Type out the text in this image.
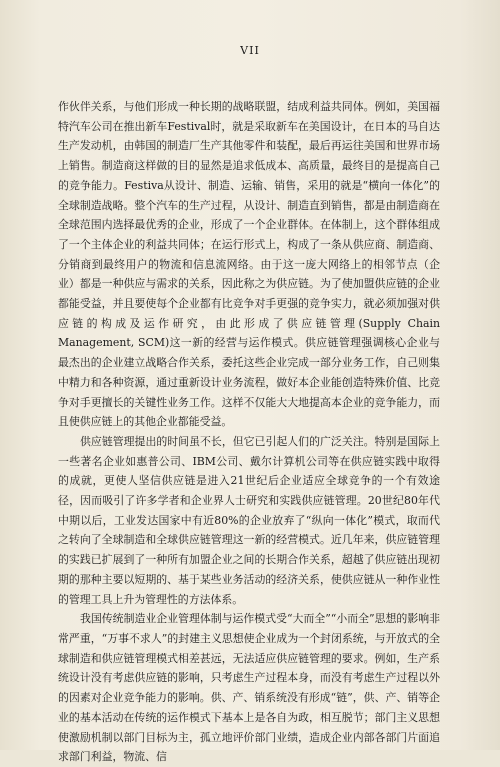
VII

作伙伴关系，与他们形成一种长期的战略联盟，结成利益共同体。例如，美国福特汽车公司在推出新车Festival时，就是采取新车在美国设计，在日本的马自达生产发动机，由韩国的制造厂生产其他零件和装配，最后再运往美国和世界市场上销售。制造商这样做的目的显然是追求低成本、高质量，最终目的是提高自己的竞争能力。Festiva从设计、制造、运输、销售，采用的就是“横向一体化”的全球制造战略。整个汽车的生产过程，从设计、制造直到销售，都是由制造商在全球范围内选择最优秀的企业，形成了一个企业群体。在体制上，这个群体组成了一个主体企业的利益共同体；在运行形式上，构成了一条从供应商、制造商、分销商到最终用户的物流和信息流网络。由于这一庞大网络上的相邻节点（企业）都是一种供应与需求的关系，因此称之为供应链。为了使加盟供应链的企业都能受益，并且要使每个企业都有比竞争对手更强的竞争实力，就必须加强对供应链的构成及运作研究，由此形成了供应链管理(Supply Chain Management, SCM)这一新的经营与运作模式。供应链管理强调核心企业与最杰出的企业建立战略合作关系，委托这些企业完成一部分业务工作，自己则集中精力和各种资源，通过重新设计业务流程，做好本企业能创造特殊价值、比竞争对手更擅长的关键性业务工作。这样不仅能大大地提高本企业的竞争能力，而且使供应链上的其他企业都能受益。

供应链管理提出的时间虽不长，但它已引起人们的广泛关注。特别是国际上一些著名企业如惠普公司、IBM公司、戴尔计算机公司等在供应链实践中取得的成就，更使人坚信供应链是进入21世纪后企业适应全球竞争的一个有效途径，因而吸引了许多学者和企业界人士研究和实践供应链管理。20世纪80年代中期以后，工业发达国家中有近80%的企业放弃了“纵向一体化”模式，取而代之转向了全球制造和全球供应链管理这一新的经营模式。近几年来，供应链管理的实践已扩展到了一种所有加盟企业之间的长期合作关系，超越了供应链出现初期的那种主要以短期的、基于某些业务活动的经济关系，使供应链从一种作业性的管理工具上升为管理性的方法体系。

我国传统制造业企业管理体制与运作模式受“大而全”“小而全”思想的影响非常严重，“万事不求人”的封建主义思想使企业成为一个封闭系统，与开放式的全球制造和供应链管理模式相差甚远，无法适应供应链管理的要求。例如，生产系统设计没有考虑供应链的影响，只考虑生产过程本身，而没有考虑生产过程以外的因素对企业竞争能力的影响。供、产、销系统没有形成“链”，供、产、销等企业的基本活动在传统的运作模式下基本上是各自为政，相互脱节；部门主义思想使激励机制以部门目标为主，孤立地评价部门业绩，造成企业内部各部门片面追求部门利益，物流、信
